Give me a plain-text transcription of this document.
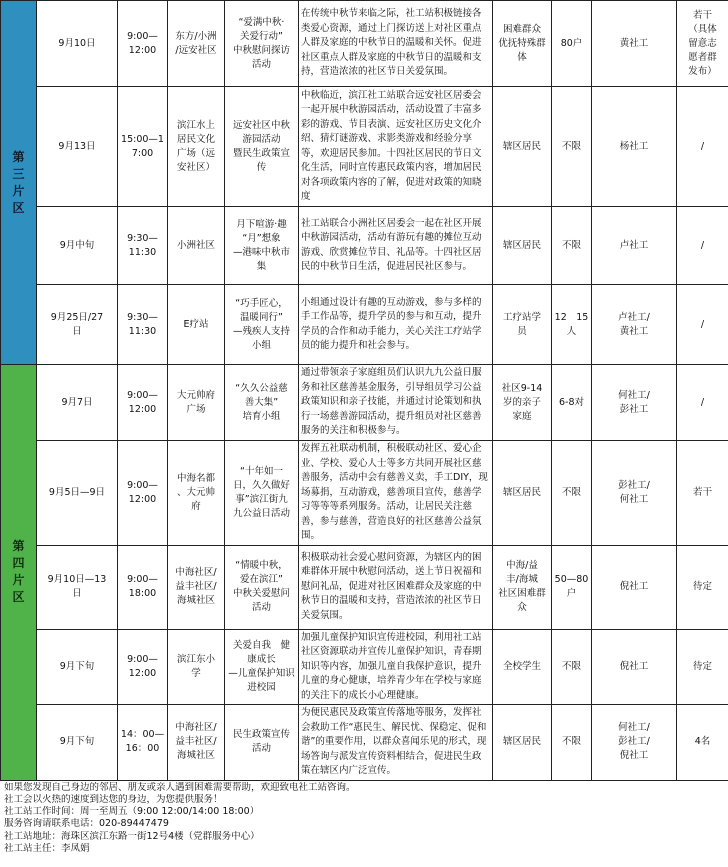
第
三
片
区	9月10日	9:00—
12:00	东方/小洲
/远安社区	“爱满中秋·
关爱行动”
中秋慰问探访
活动	在传统中秋节来临之际，社工站积极链接各类爱心资源，通过上门探访送上对社区重点人群及家庭的中秋节日的温暖和关怀。促进社区重点人群及家庭的中秋节日的温暖和支持，营造浓浓的社区节日关爱氛围。	困难群众
优抚特殊群
体	80户	黄社工	若干
（具体
留意志
愿者群
发布）
	9月13日	15:00—1
7:00	滨江水上
居民文化
广场（远
安社区）	远安社区中秋
游园活动
暨民生政策宣
传	中秋临近，滨江社工站联合远安社区居委会一起开展中秋游园活动，活动设置了丰富多彩的游戏、节目表演、远安社区历史文化介绍、猜灯谜游戏、求影类游戏和经验分享等，欢迎居民参加。十四社区居民的节日文化生活，同时宣传惠民政策内容，增加居民对各项政策内容的了解，促进对政策的知晓度	辖区居民	不限	杨社工	/
	9月中旬	9:30—
11:30	小洲社区	月下喧游·趣
“月”想象
—港味中秋市
集	社工站联合小洲社区居委会一起在社区开展中秋游园活动，活动有游玩有趣的摊位互动游戏、欣赏摊位节目、礼品等。十四社区居民的中秋节日生活，促进居民社区参与。	辖区居民	不限	卢社工	/
	9月25日/27
日	9:30—
11:30	E疗站	“巧手匠心，
温暖同行”
—残疾人支持
小组	小组通过设计有趣的互动游戏，参与多样的手工作品等，提升学员的参与和互动，提升学员的合作和动手能力，关心关注工疗站学员的能力提升和社会参与。	工疗站学
员	12　15
人	卢社工/
黄社工	/
第
四
片
区	9月7日	9:00—
12:00	大元帅府
广场	“久久公益慈
善大集”
培育小组	通过带领亲子家庭组员们认识九九公益日服务和社区慈善基金服务，引导组员学习公益政策知识和亲子技能，并通过讨论策划和执行一场慈善游园活动，提升组员对社区慈善服务的关注和积极参与。	社区9-14
岁的亲子
家庭	6-8对	何社工/
彭社工	/
	9月5日—9日	9:00—
12:00	中海名都
、大元帅
府	“十年如一
日，久久做好
事”滨江街九
九公益日活动	发挥五社联动机制，积极联动社区、爱心企业、学校、爱心人士等多方共同开展社区慈善服务，活动中会有慈善义卖，手工DIY，现场募捐，互动游戏，慈善项目宣传，慈善学习等等等系列服务。活动，让居民关注慈善，参与慈善，营造良好的社区慈善公益氛围。	辖区居民	不限	彭社工/
何社工	若干
	9月10日—13
日	9:00—
18:00	中海社区/
益丰社区/
海城社区	“情暖中秋，
爱在滨江”
中秋关爱慰问
活动	积极联动社会爱心慰问资源，为辖区内的困难群体开展中秋慰问活动，送上节日祝福和慰问礼品，促进对社区困难群众及家庭的中秋节日的温暖和支持，营造浓浓的社区节日关爱氛围。	中海/益
丰/海城
社区困难群
众	50—80
户	倪社工	待定
	9月下旬	9:00—
12:00	滨江东小
学	关爱自我　健
康成长
—儿童保护知识
进校园	加强儿童保护知识宣传进校园，利用社工站社区资源联动并宣传儿童保护知识，青春期知识等内容，加强儿童自我保护意识，提升儿童的身心健康，培养青少年在学校与家庭的关注下的成长小心理健康。	全校学生	不限	倪社工	待定
	9月下旬	14：00—
16：00	中海社区/
益丰社区/
海城社区	民生政策宣传
活动	为便民惠民及政策宣传落地等服务，发挥社会救助工作“惠民生、解民忧、保稳定、促和谐”的重要作用，以群众喜闻乐见的形式，现场答询与派发宣传资料相结合，促进民生政策在辖区内广泛宣传。	辖区居民	不限	何社工/
彭社工/
倪社工	4名
如果您发现自己身边的邻居、朋友或亲人遇到困难需要帮助，欢迎致电社工站咨询。
社工会以火热的速度到达您的身边，为您提供服务！
社工站工作时间：周一至周五（9:00 12:00/14:00 18:00）
服务咨询请联系电话：020-89447479
社工站地址：海珠区滨江东路一街12号4楼（党群服务中心）
社工站主任：李凤娟
